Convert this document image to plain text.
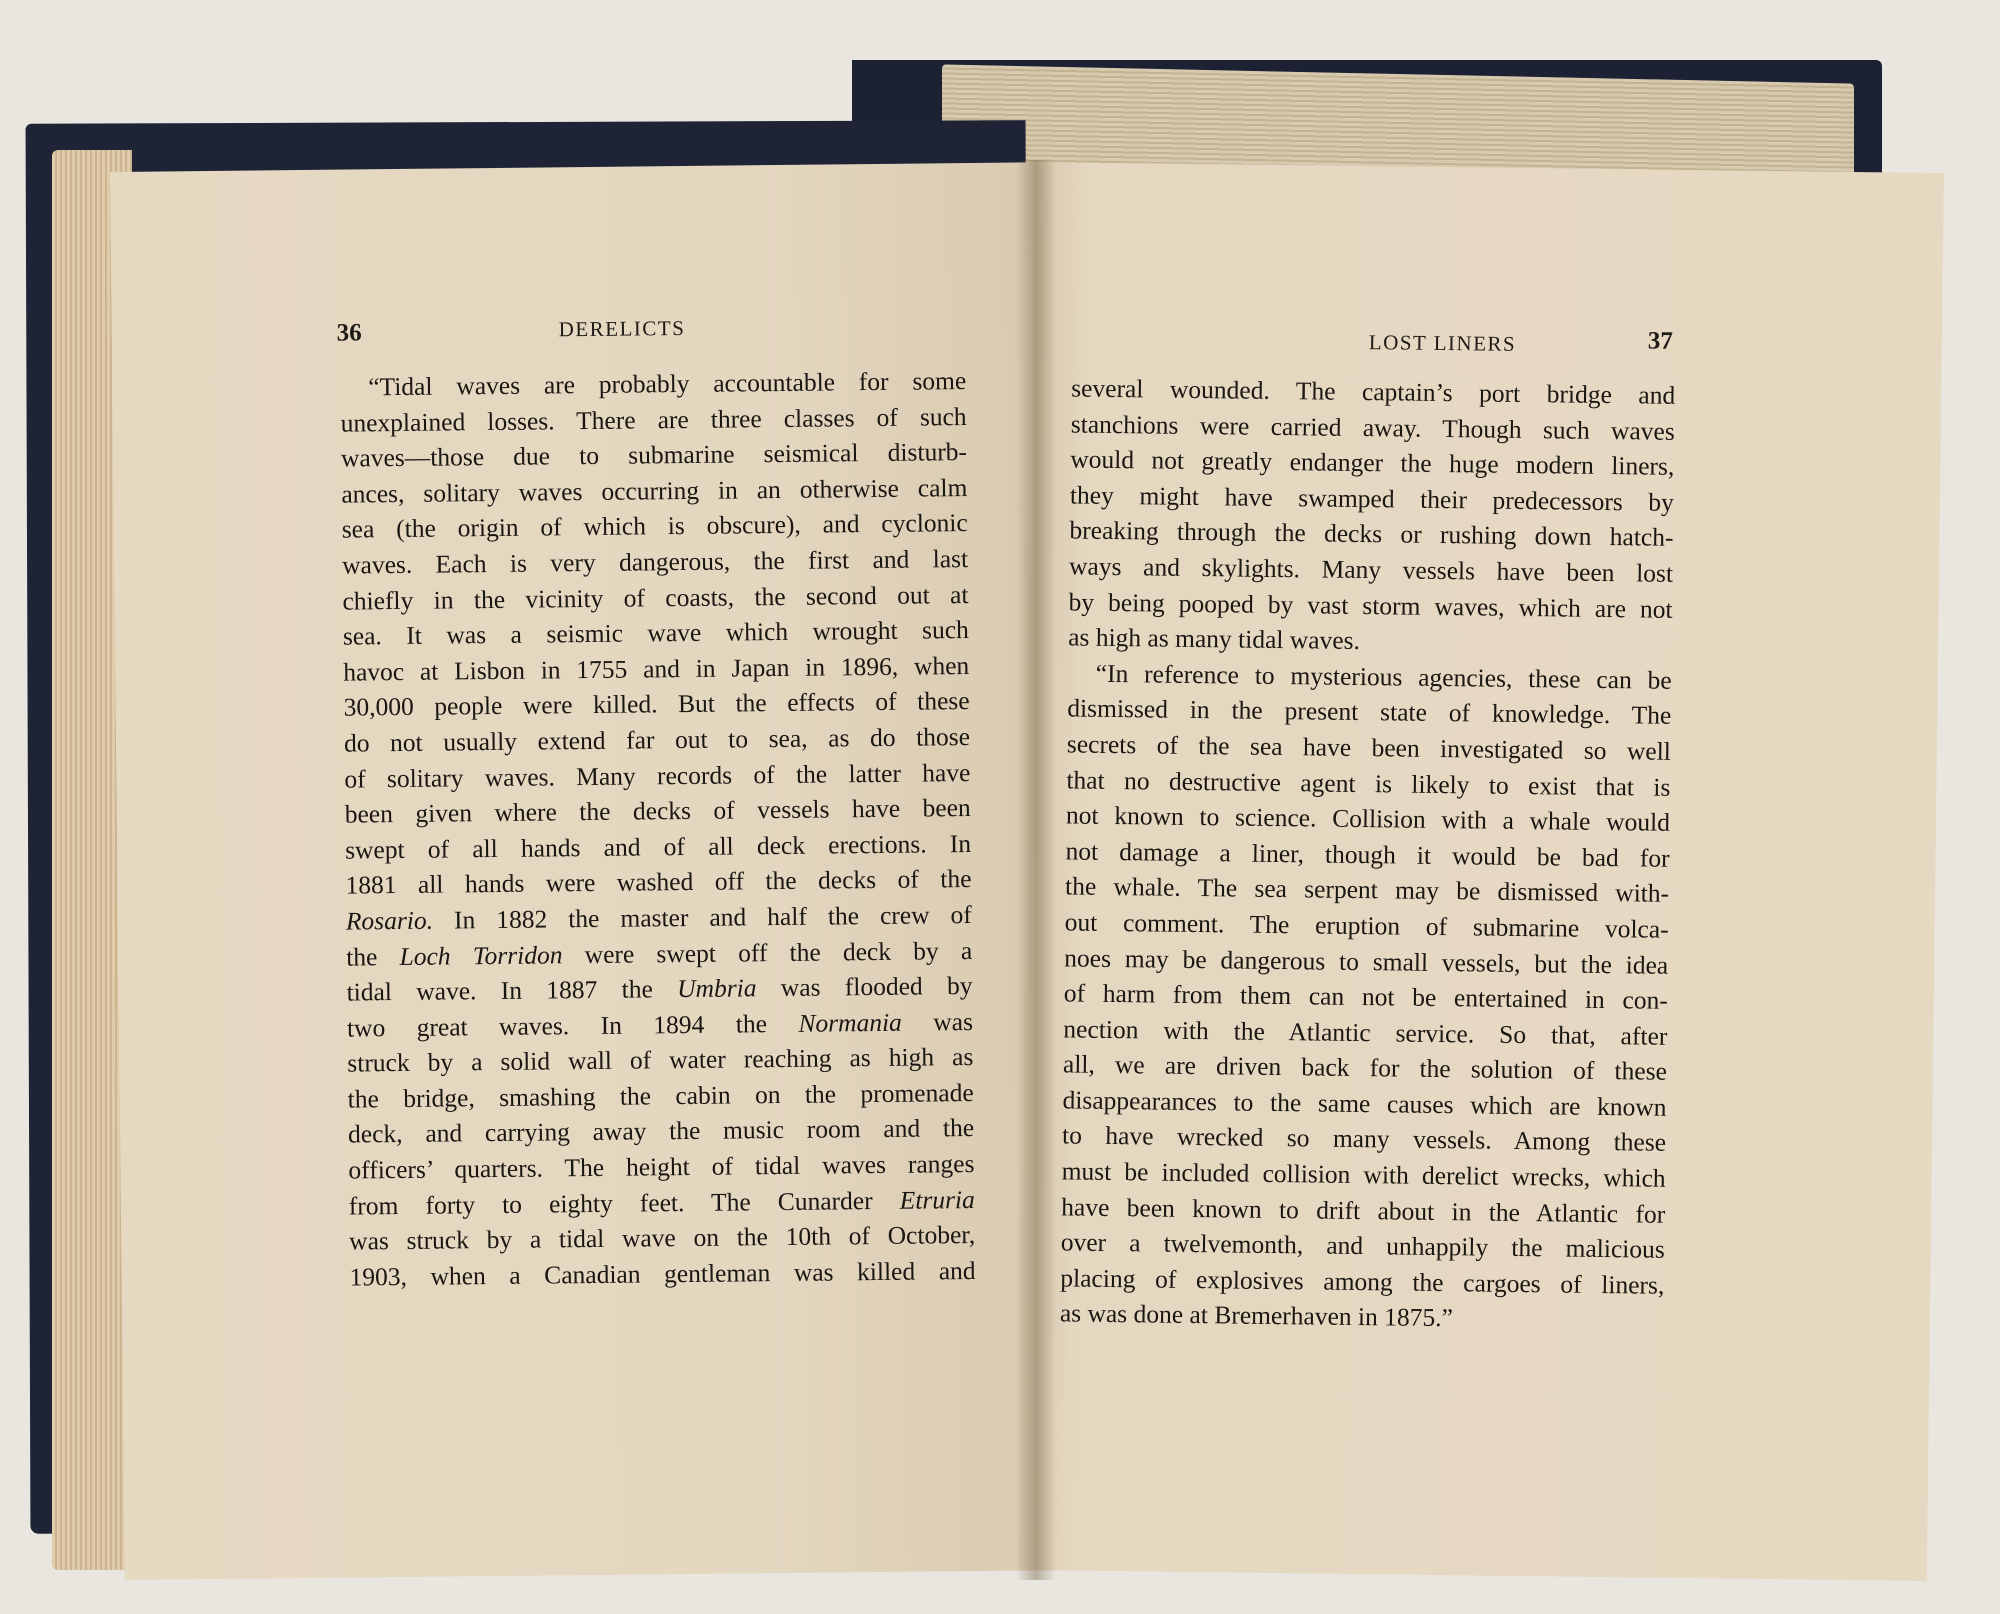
36	DERELICTS
“Tidal waves are probably accountable for some
unexplained losses. There are three classes of such
waves—those due to submarine seismical disturb-
ances, solitary waves occurring in an otherwise calm
sea (the origin of which is obscure), and cyclonic
waves. Each is very dangerous, the first and last
chiefly in the vicinity of coasts, the second out at
sea. It was a seismic wave which wrought such
havoc at Lisbon in 1755 and in Japan in 1896, when
30,000 people were killed. But the effects of these
do not usually extend far out to sea, as do those
of solitary waves. Many records of the latter have
been given where the decks of vessels have been
swept of all hands and of all deck erections. In
1881 all hands were washed off the decks of the
Rosario. In 1882 the master and half the crew of
the Loch Torridon were swept off the deck by a
tidal wave. In 1887 the Umbria was flooded by
two great waves. In 1894 the Normania was
struck by a solid wall of water reaching as high as
the bridge, smashing the cabin on the promenade
deck, and carrying away the music room and the
officers’ quarters. The height of tidal waves ranges
from forty to eighty feet. The Cunarder Etruria
was struck by a tidal wave on the 10th of October,
1903, when a Canadian gentleman was killed and
LOST LINERS	37
several wounded. The captain’s port bridge and
stanchions were carried away. Though such waves
would not greatly endanger the huge modern liners,
they might have swamped their predecessors by
breaking through the decks or rushing down hatch-
ways and skylights. Many vessels have been lost
by being pooped by vast storm waves, which are not
as high as many tidal waves.
“In reference to mysterious agencies, these can be
dismissed in the present state of knowledge. The
secrets of the sea have been investigated so well
that no destructive agent is likely to exist that is
not known to science. Collision with a whale would
not damage a liner, though it would be bad for
the whale. The sea serpent may be dismissed with-
out comment. The eruption of submarine volca-
noes may be dangerous to small vessels, but the idea
of harm from them can not be entertained in con-
nection with the Atlantic service. So that, after
all, we are driven back for the solution of these
disappearances to the same causes which are known
to have wrecked so many vessels. Among these
must be included collision with derelict wrecks, which
have been known to drift about in the Atlantic for
over a twelvemonth, and unhappily the malicious
placing of explosives among the cargoes of liners,
as was done at Bremerhaven in 1875.”
